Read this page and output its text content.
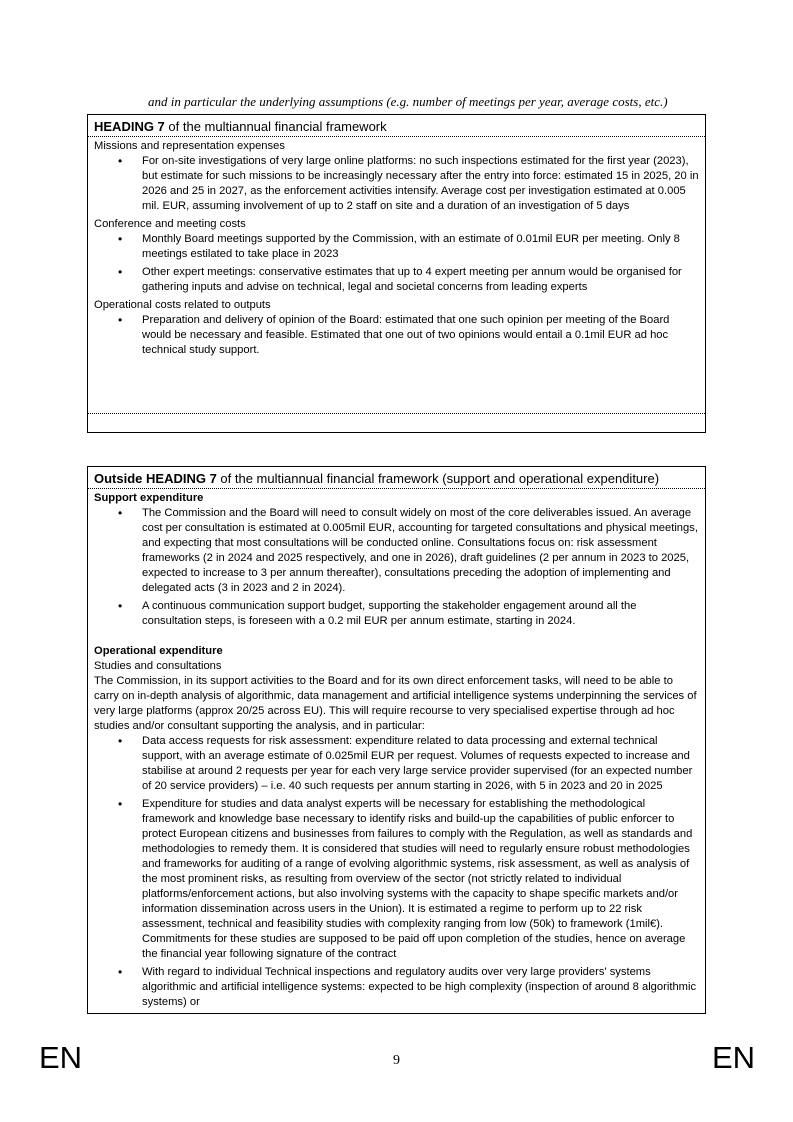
and in particular the underlying assumptions (e.g. number of meetings per year, average costs, etc.)
HEADING 7 of the multiannual financial framework

Missions and representation expenses

• For on-site investigations of very large online platforms: no such inspections estimated for the first year (2023), but estimate for such missions to be increasingly necessary after the entry into force: estimated 15 in 2025, 20 in 2026 and 25 in 2027, as the enforcement activities intensify. Average cost per investigation estimated at 0.005 mil. EUR, assuming involvement of up to 2 staff on site and a duration of an investigation of 5 days

Conference and meeting costs

• Monthly Board meetings supported by the Commission, with an estimate of 0.01mil EUR per meeting. Only 8 meetings estilated to take place in 2023
• Other expert meetings: conservative estimates that up to 4 expert meeting per annum would be organised for gathering inputs and advise on technical, legal and societal concerns from leading experts

Operational costs related to outputs

• Preparation and delivery of opinion of the Board: estimated that one such opinion per meeting of the Board would be necessary and feasible. Estimated that one out of two opinions would entail a 0.1mil EUR ad hoc technical study support.
Outside HEADING 7 of the multiannual financial framework (support and operational expenditure)

Support expenditure

• The Commission and the Board will need to consult widely on most of the core deliverables issued. An average cost per consultation is estimated at 0.005mil EUR, accounting for targeted consultations and physical meetings, and expecting that most consultations will be conducted online. Consultations focus on: risk assessment frameworks (2 in 2024 and 2025 respectively, and one in 2026), draft guidelines (2 per annum in 2023 to 2025, expected to increase to 3 per annum thereafter), consultations preceding the adoption of implementing and delegated acts (3 in 2023 and 2 in 2024).
• A continuous communication support budget, supporting the stakeholder engagement around all the consultation steps, is foreseen with a 0.2 mil EUR per annum estimate, starting in 2024.

Operational expenditure

Studies and consultations

The Commission, in its support activities to the Board and for its own direct enforcement tasks, will need to be able to carry on in-depth analysis of algorithmic, data management and artificial intelligence systems underpinning the services of very large platforms (approx 20/25 across EU). This will require recourse to very specialised expertise through ad hoc studies and/or consultant supporting the analysis, and in particular:

• Data access requests for risk assessment: expenditure related to data processing and external technical support, with an average estimate of 0.025mil EUR per request. Volumes of requests expected to increase and stabilise at around 2 requests per year for each very large service provider supervised (for an expected number of 20 service providers) – i.e. 40 such requests per annum starting in 2026, with 5 in 2023 and 20 in 2025
• Expenditure for studies and data analyst experts will be necessary for establishing the methodological framework and knowledge base necessary to identify risks and build-up the capabilities of public enforcer to protect European citizens and businesses from failures to comply with the Regulation, as well as standards and methodologies to remedy them. It is considered that studies will need to regularly ensure robust methodologies and frameworks for auditing of a range of evolving algorithmic systems, risk assessment, as well as analysis of the most prominent risks, as resulting from overview of the sector (not strictly related to individual platforms/enforcement actions, but also involving systems with the capacity to shape specific markets and/or information dissemination across users in the Union). It is estimated a regime to perform up to 22 risk assessment, technical and feasibility studies with complexity ranging from low (50k) to framework (1mil€). Commitments for these studies are supposed to be paid off upon completion of the studies, hence on average the financial year following signature of the contract
• With regard to individual Technical inspections and regulatory audits over very large providers' systems algorithmic and artificial intelligence systems: expected to be high complexity (inspection of around 8 algorithmic systems) or
EN	9	EN
